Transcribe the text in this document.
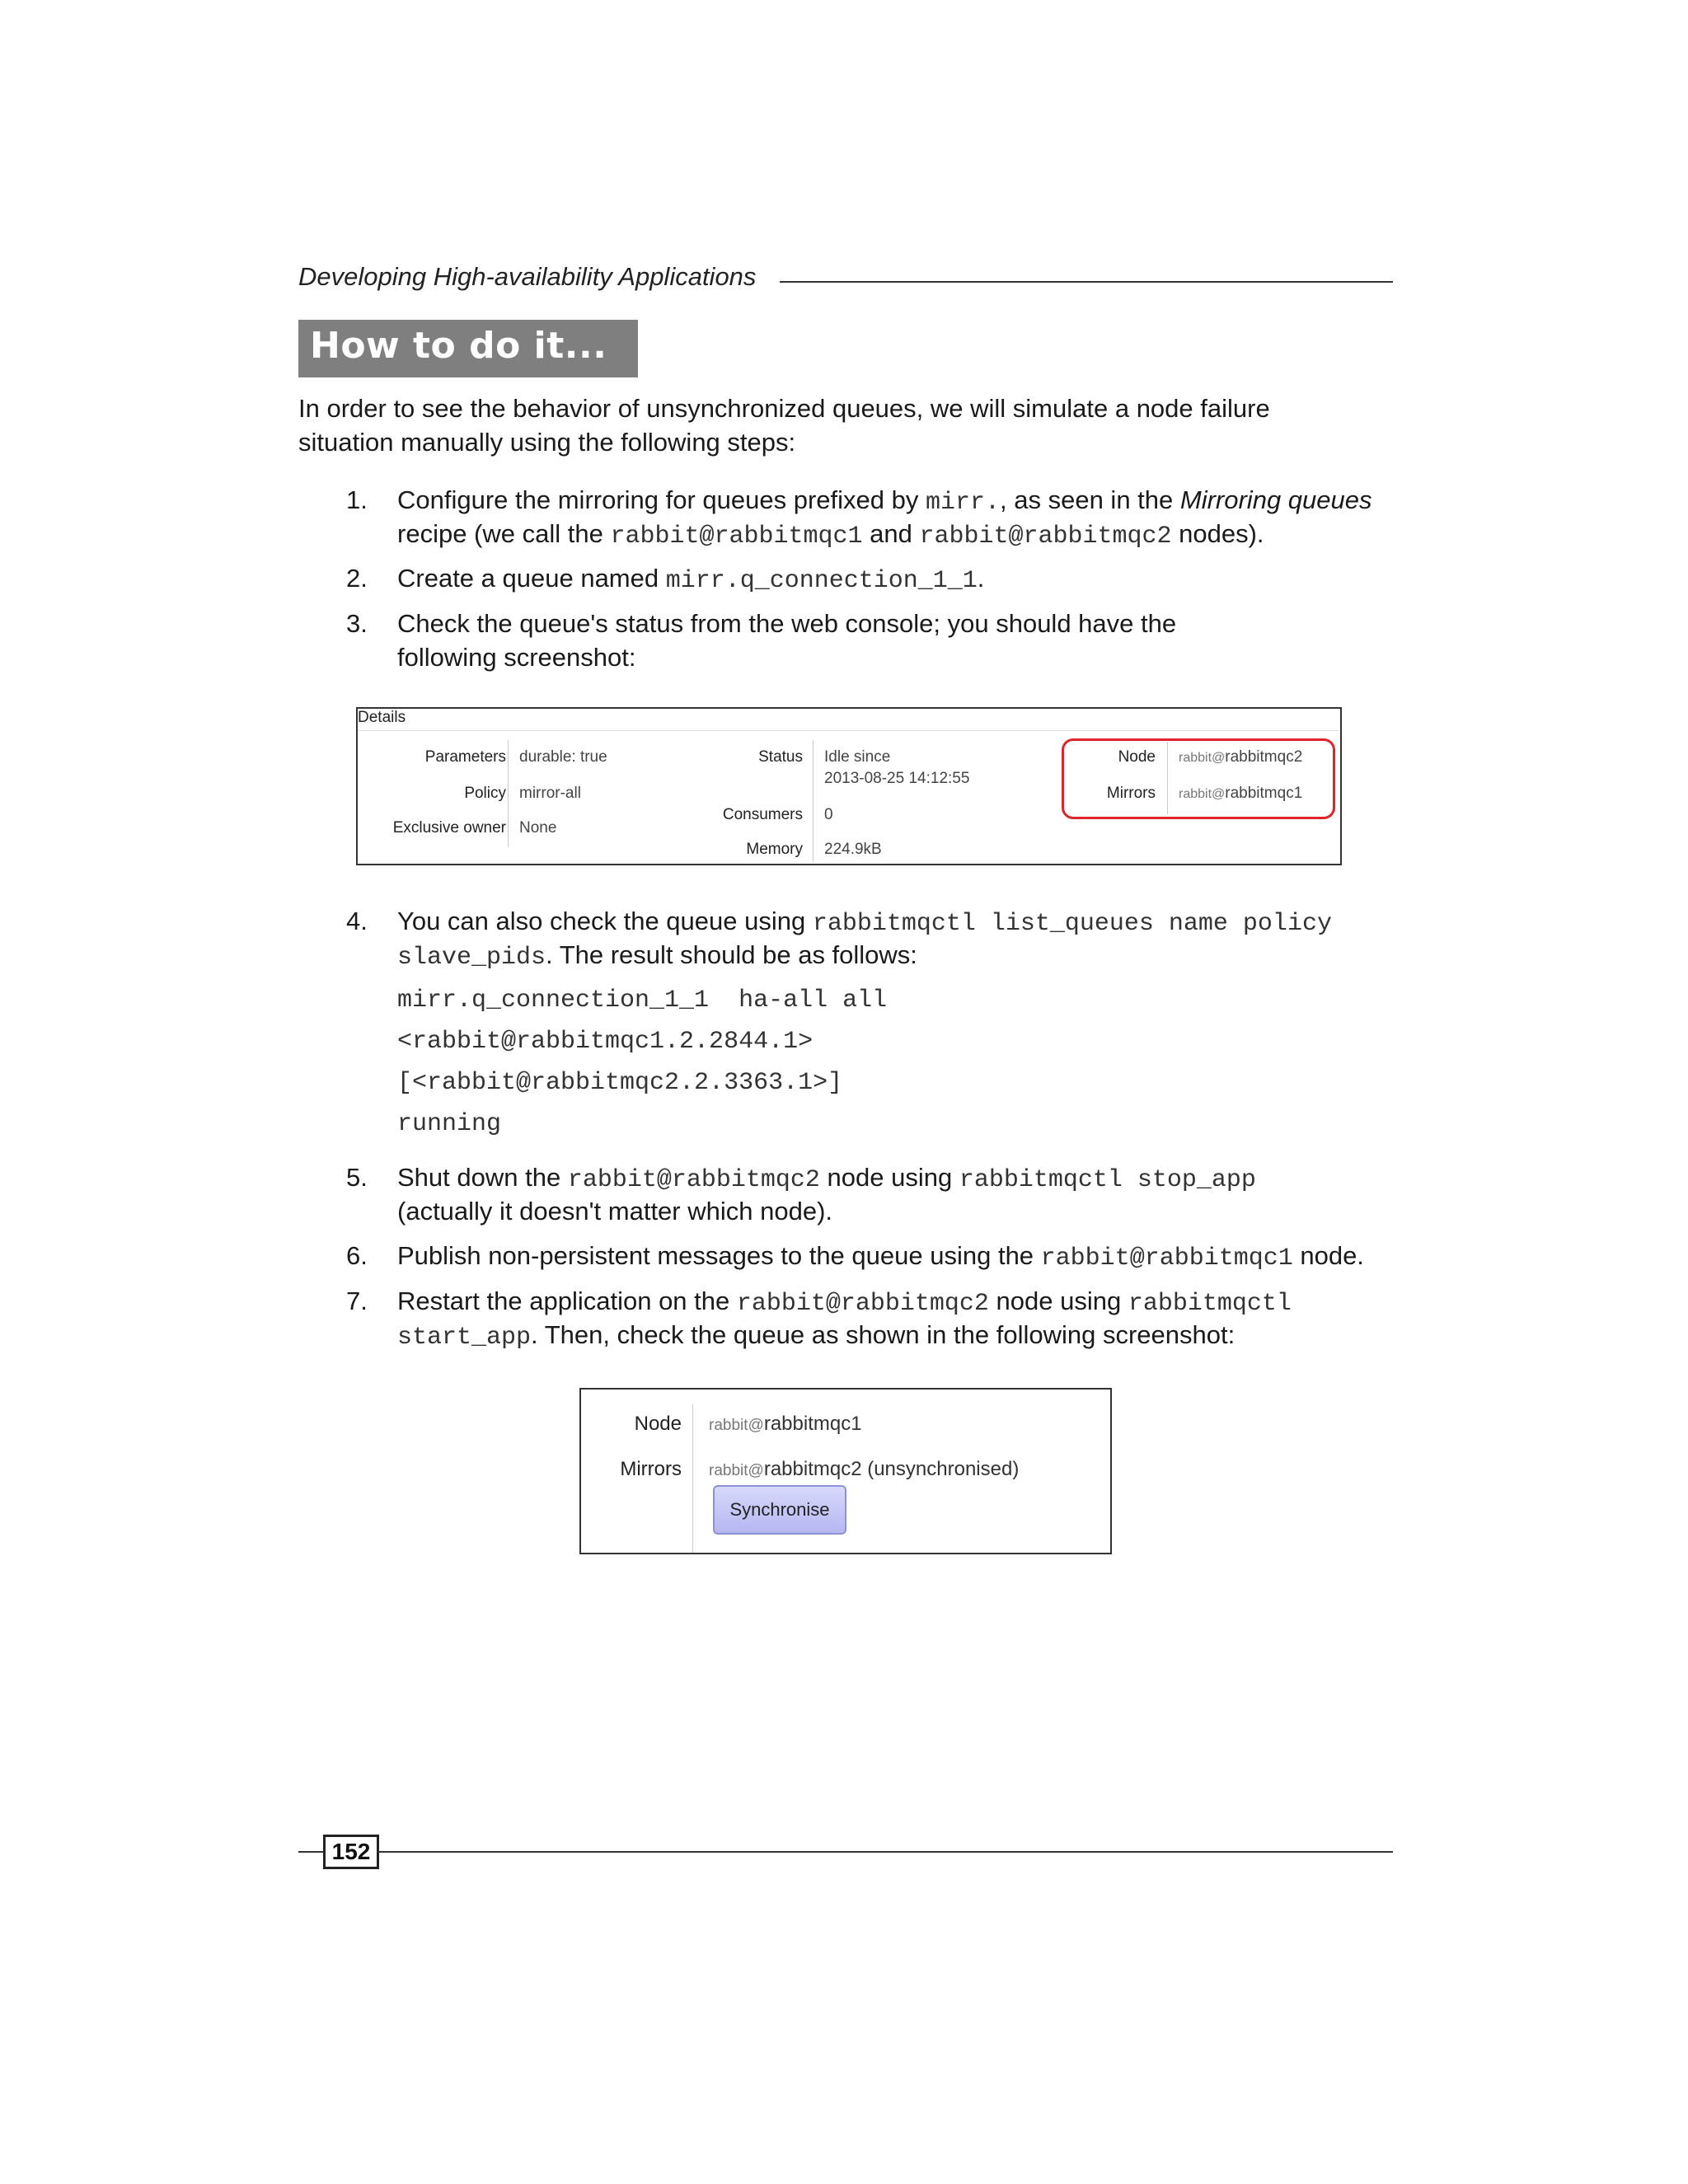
Developing High-availability Applications
How to do it...
In order to see the behavior of unsynchronized queues, we will simulate a node failure
situation manually using the following steps:
1. Configure the mirroring for queues prefixed by mirr., as seen in the Mirroring queues
recipe (we call the rabbit@rabbitmqc1 and rabbit@rabbitmqc2 nodes).
2. Create a queue named mirr.q_connection_1_1.
3. Check the queue's status from the web console; you should have the
following screenshot:
Details
Parameters durable: true
Policy mirror-all
Exclusive owner None
Status Idle since
2013-08-25 14:12:55
Consumers 0
Memory 224.9kB
Node rabbit@rabbitmqc2
Mirrors rabbit@rabbitmqc1
4. You can also check the queue using rabbitmqctl list_queues name policy
slave_pids. The result should be as follows:
mirr.q_connection_1_1  ha-all all
<rabbit@rabbitmqc1.2.2844.1>
[<rabbit@rabbitmqc2.2.3363.1>]
running
5. Shut down the rabbit@rabbitmqc2 node using rabbitmqctl stop_app
(actually it doesn't matter which node).
6. Publish non-persistent messages to the queue using the rabbit@rabbitmqc1 node.
7. Restart the application on the rabbit@rabbitmqc2 node using rabbitmqctl
start_app. Then, check the queue as shown in the following screenshot:
Node rabbit@rabbitmqc1
Mirrors rabbit@rabbitmqc2 (unsynchronised)
Synchronise
152
